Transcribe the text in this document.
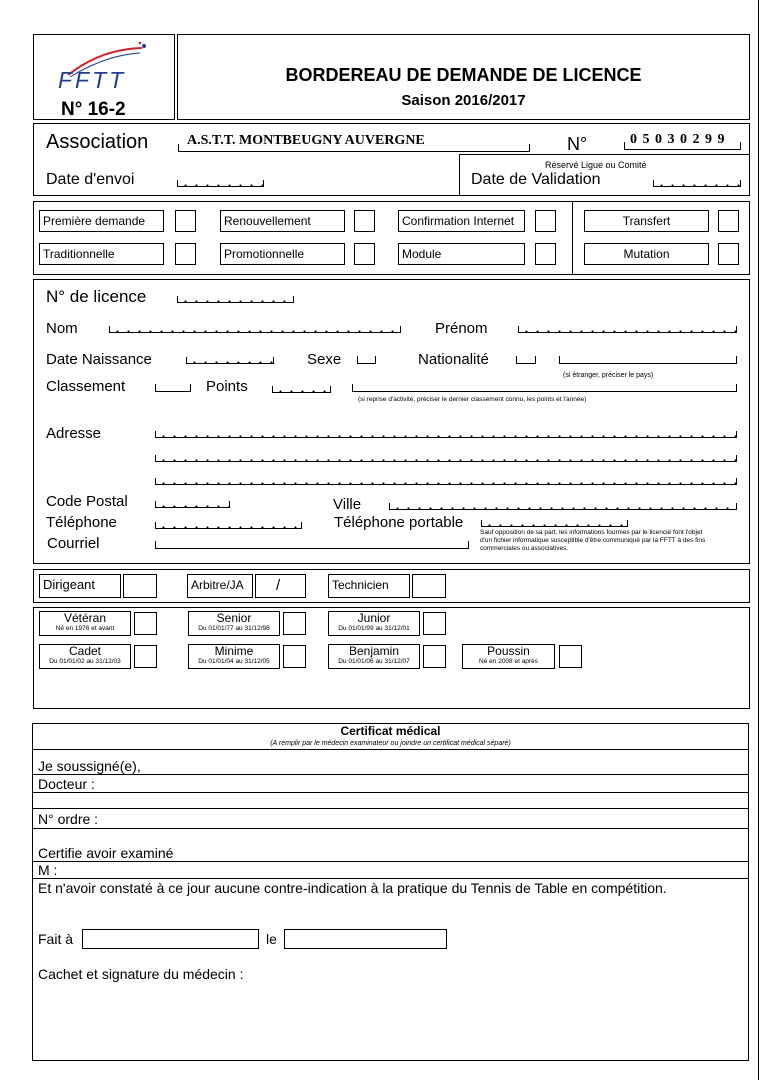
FFTT
N° 16-2
BORDEREAU DE DEMANDE DE LICENCE
Saison 2016/2017
Association	A.S.T.T. MONTBEUGNY AUVERGNE	N°	0 5 0 3 0 2 9 9
Date d'envoi
Réservé Ligue ou Comité
Date de Validation
Première demande	Renouvellement	Confirmation Internet	Transfert
Traditionnelle	Promotionnelle	Module	Mutation
N° de licence
Nom	Prénom
Date Naissance	Sexe	Nationalité
(si étranger, préciser le pays)
Classement	Points
(si reprise d'activité, préciser le dernier classement connu, les points et l'année)
Adresse
Code Postal	Ville
Téléphone	Téléphone portable
Courriel
Sauf opposition de sa part, les informations fournies par le licencié font l'objet d'un fichier informatique susceptible d'être communiqué par la FFTT à des fins commerciales ou associatives.
Dirigeant	Arbitre/JA	/	Technicien
Vétéran
Né en 1976 et avant
Senior
Du 01/01/77 au 31/12/98
Junior
Du 01/01/99 au 31/12/01
Cadet
Du 01/01/02 au 31/12/03
Minime
Du 01/01/04 au 31/12/05
Benjamin
Du 01/01/06 au 31/12/07
Poussin
Né en 2008 et après
Certificat médical
(A remplir par le médecin examinateur ou joindre un certificat médical séparé)
Je soussigné(e),
Docteur :
N° ordre :
Certifie avoir examiné
M :
Et n'avoir constaté à ce jour aucune contre-indication à la pratique du Tennis de Table en compétition.
Fait à	le
Cachet et signature du médecin :
